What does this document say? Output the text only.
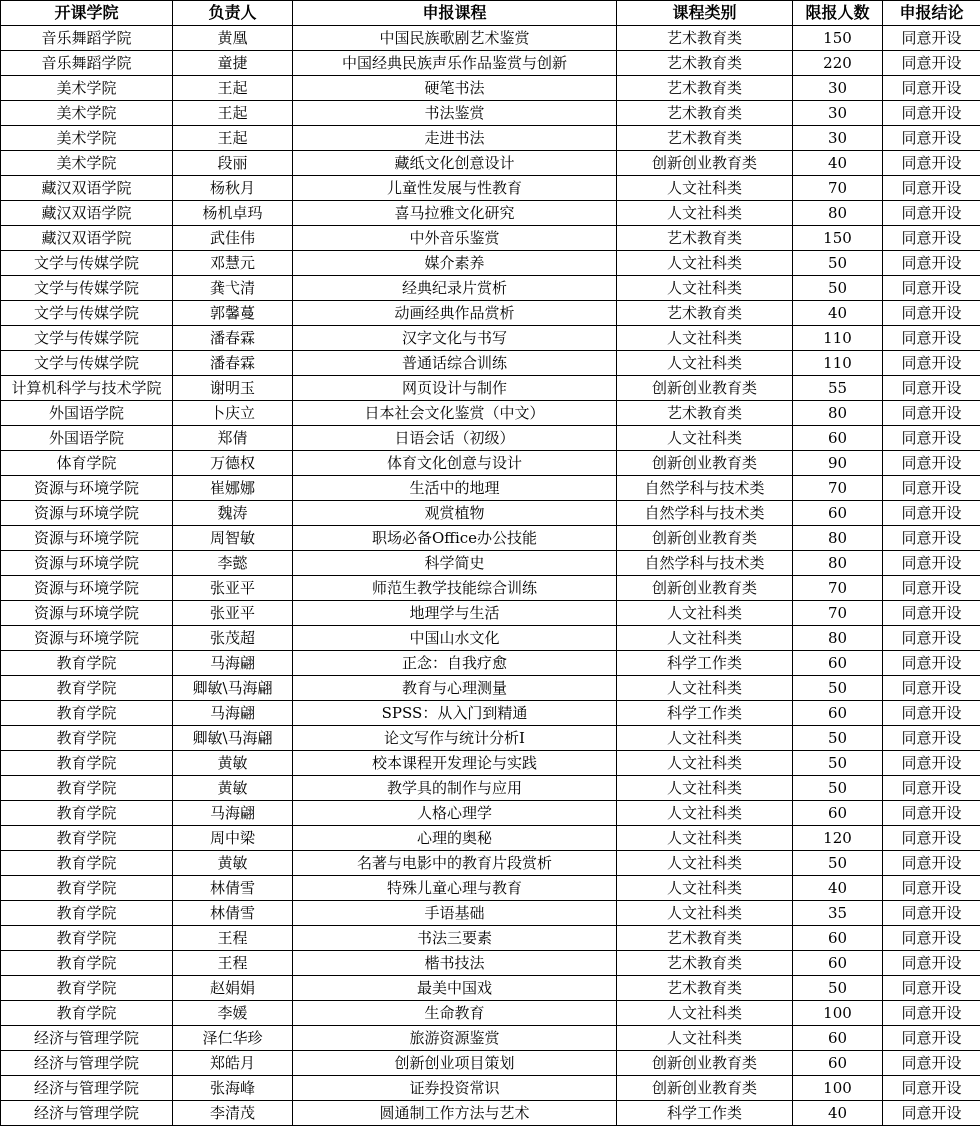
开课学院	负责人	申报课程	课程类别	限报人数	申报结论
音乐舞蹈学院	黄凰	中国民族歌剧艺术鉴赏	艺术教育类	150	同意开设
音乐舞蹈学院	童捷	中国经典民族声乐作品鉴赏与创新	艺术教育类	220	同意开设
美术学院	王起	硬笔书法	艺术教育类	30	同意开设
美术学院	王起	书法鉴赏	艺术教育类	30	同意开设
美术学院	王起	走进书法	艺术教育类	30	同意开设
美术学院	段丽	藏纸文化创意设计	创新创业教育类	40	同意开设
藏汉双语学院	杨秋月	儿童性发展与性教育	人文社科类	70	同意开设
藏汉双语学院	杨机卓玛	喜马拉雅文化研究	人文社科类	80	同意开设
藏汉双语学院	武佳伟	中外音乐鉴赏	艺术教育类	150	同意开设
文学与传媒学院	邓慧元	媒介素养	人文社科类	50	同意开设
文学与传媒学院	龚弋清	经典纪录片赏析	人文社科类	50	同意开设
文学与传媒学院	郭馨蔓	动画经典作品赏析	艺术教育类	40	同意开设
文学与传媒学院	潘春霖	汉字文化与书写	人文社科类	110	同意开设
文学与传媒学院	潘春霖	普通话综合训练	人文社科类	110	同意开设
计算机科学与技术学院	谢明玉	网页设计与制作	创新创业教育类	55	同意开设
外国语学院	卜庆立	日本社会文化鉴赏（中文）	艺术教育类	80	同意开设
外国语学院	郑倩	日语会话（初级）	人文社科类	60	同意开设
体育学院	万德权	体育文化创意与设计	创新创业教育类	90	同意开设
资源与环境学院	崔娜娜	生活中的地理	自然学科与技术类	70	同意开设
资源与环境学院	魏涛	观赏植物	自然学科与技术类	60	同意开设
资源与环境学院	周智敏	职场必备Office办公技能	创新创业教育类	80	同意开设
资源与环境学院	李懿	科学简史	自然学科与技术类	80	同意开设
资源与环境学院	张亚平	师范生教学技能综合训练	创新创业教育类	70	同意开设
资源与环境学院	张亚平	地理学与生活	人文社科类	70	同意开设
资源与环境学院	张茂超	中国山水文化	人文社科类	80	同意开设
教育学院	马海翩	正念：自我疗愈	科学工作类	60	同意开设
教育学院	卿敏\马海翩	教育与心理测量	人文社科类	50	同意开设
教育学院	马海翩	SPSS：从入门到精通	科学工作类	60	同意开设
教育学院	卿敏\马海翩	论文写作与统计分析I	人文社科类	50	同意开设
教育学院	黄敏	校本课程开发理论与实践	人文社科类	50	同意开设
教育学院	黄敏	教学具的制作与应用	人文社科类	50	同意开设
教育学院	马海翩	人格心理学	人文社科类	60	同意开设
教育学院	周中梁	心理的奥秘	人文社科类	120	同意开设
教育学院	黄敏	名著与电影中的教育片段赏析	人文社科类	50	同意开设
教育学院	林倩雪	特殊儿童心理与教育	人文社科类	40	同意开设
教育学院	林倩雪	手语基础	人文社科类	35	同意开设
教育学院	王程	书法三要素	艺术教育类	60	同意开设
教育学院	王程	楷书技法	艺术教育类	60	同意开设
教育学院	赵娟娟	最美中国戏	艺术教育类	50	同意开设
教育学院	李媛	生命教育	人文社科类	100	同意开设
经济与管理学院	泽仁华珍	旅游资源鉴赏	人文社科类	60	同意开设
经济与管理学院	郑皓月	创新创业项目策划	创新创业教育类	60	同意开设
经济与管理学院	张海峰	证券投资常识	创新创业教育类	100	同意开设
经济与管理学院	李清茂	圆通制工作方法与艺术	科学工作类	40	同意开设
